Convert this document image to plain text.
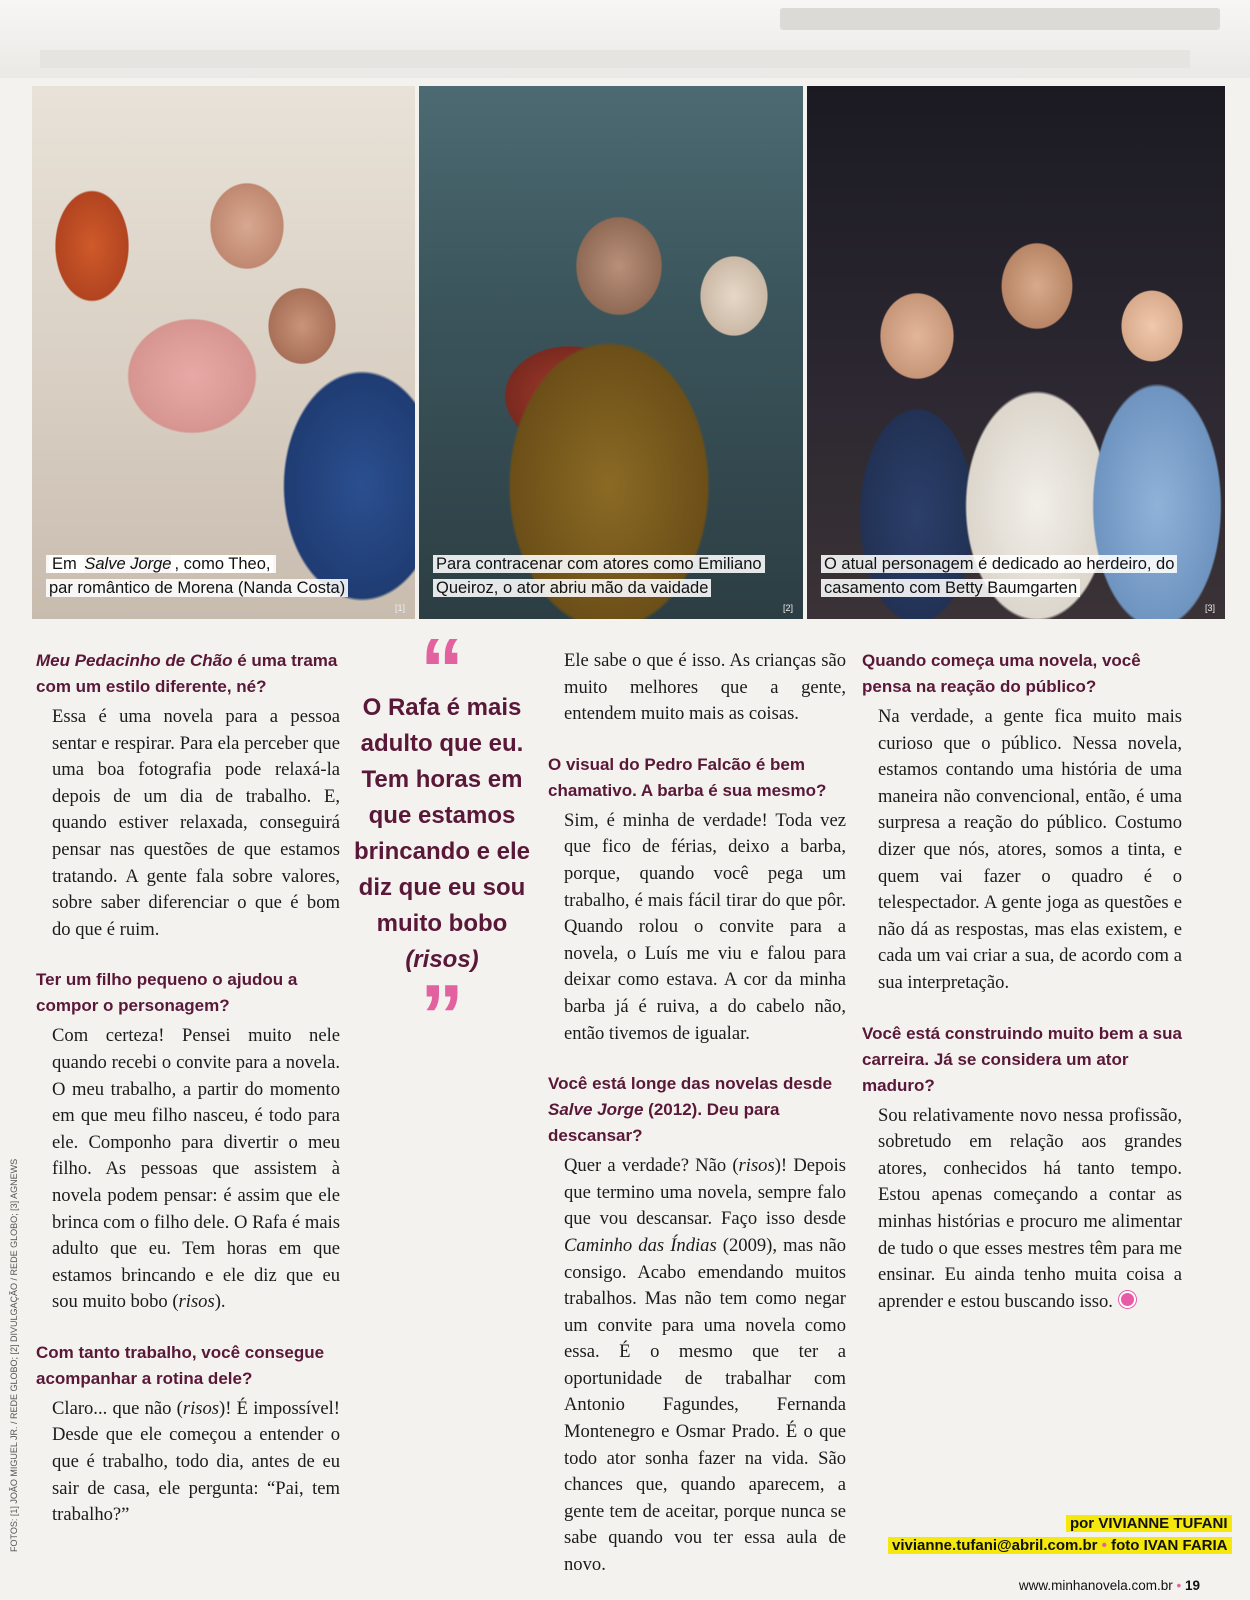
Em Salve Jorge , como Theo,
par romântico de Morena (Nanda Costa)
[1]
Para contracenar com atores como Emiliano
Queiroz, o ator abriu mão da vaidade
[2]
O atual personagem é dedicado ao herdeiro, do
casamento com Betty Baumgarten
[3]
FOTOS: [1] JOÃO MIGUEL JR. / REDE GLOBO; [2] DIVULGAÇÃO / REDE GLOBO; [3] AGNEWS

Meu Pedacinho de Chão é uma trama com um estilo diferente, né?

Essa é uma novela para a pessoa sentar e respirar. Para ela perceber que uma boa fotografia pode relaxá-la depois de um dia de trabalho. E, quando estiver relaxada, conseguirá pensar nas questões de que estamos tratando. A gente fala sobre valores, sobre saber diferenciar o que é bom do que é ruim.

Ter um filho pequeno o ajudou a compor o personagem?

Com certeza! Pensei muito nele quando recebi o convite para a novela. O meu trabalho, a partir do momento em que meu filho nasceu, é todo para ele. Componho para divertir o meu filho. As pessoas que assistem à novela podem pensar: é assim que ele brinca com o filho dele. O Rafa é mais adulto que eu. Tem horas em que estamos brincando e ele diz que eu sou muito bobo (risos).

Com tanto trabalho, você consegue acompanhar a rotina dele?

Claro... que não (risos)! É impossível! Desde que ele começou a entender o que é trabalho, todo dia, antes de eu sair de casa, ele pergunta: “Pai, tem trabalho?”

“
O Rafa é mais adulto que eu. Tem horas em que estamos brincando e ele diz que eu sou muito bobo (risos)
”

Ele sabe o que é isso. As crianças são muito melhores que a gente, entendem muito mais as coisas.

O visual do Pedro Falcão é bem chamativo. A barba é sua mesmo?

Sim, é minha de verdade! Toda vez que fico de férias, deixo a barba, porque, quando você pega um trabalho, é mais fácil tirar do que pôr. Quando rolou o convite para a novela, o Luís me viu e falou para deixar como estava. A cor da minha barba já é ruiva, a do cabelo não, então tivemos de igualar.

Você está longe das novelas desde Salve Jorge (2012). Deu para descansar?

Quer a verdade? Não (risos)! Depois que termino uma novela, sempre falo que vou descansar. Faço isso desde Caminho das Índias (2009), mas não consigo. Acabo emendando muitos trabalhos. Mas não tem como negar um convite para uma novela como essa. É o mesmo que ter a oportunidade de trabalhar com Antonio Fagundes, Fernanda Montenegro e Osmar Prado. É o que todo ator sonha fazer na vida. São chances que, quando aparecem, a gente tem de aceitar, porque nunca se sabe quando vou ter essa aula de novo.

Quando começa uma novela, você pensa na reação do público?

Na verdade, a gente fica muito mais curioso que o público. Nessa novela, estamos contando uma história de uma maneira não convencional, então, é uma surpresa a reação do público. Costumo dizer que nós, atores, somos a tinta, e quem vai fazer o quadro é o telespectador. A gente joga as questões e não dá as respostas, mas elas existem, e cada um vai criar a sua, de acordo com a sua interpretação.

Você está construindo muito bem a sua carreira. Já se considera um ator maduro?

Sou relativamente novo nessa profissão, sobretudo em relação aos grandes atores, conhecidos há tanto tempo. Estou apenas começando a contar as minhas histórias e procuro me alimentar de tudo o que esses mestres têm para me ensinar. Eu ainda tenho muita coisa a aprender e estou buscando isso.

por VIVIANNE TUFANI
vivianne.tufani@abril.com.br • foto IVAN FARIA
www.minhanovela.com.br • 19
